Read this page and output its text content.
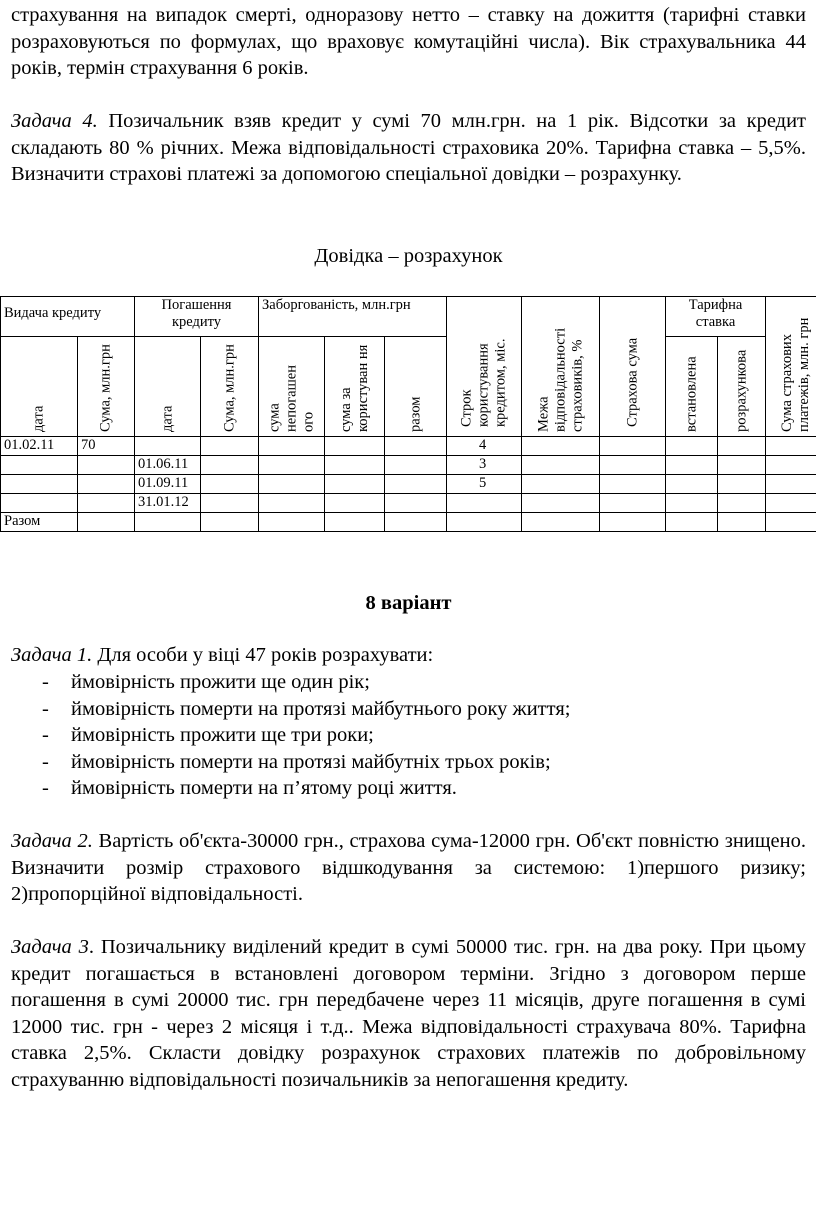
страхування на випадок смерті, одноразову нетто – ставку на дожиття (тарифні ставки розраховуються по формулах, що враховує комутаційні числа). Вік страхувальника 44 років, термін страхування 6 років.

Задача 4. Позичальник взяв кредит у сумі 70 млн.грн. на 1 рік. Відсотки за кредит складають 80 % річних. Межа відповідальності страховика 20%. Тарифна ставка – 5,5%. Визначити страхові платежі за допомогою спеціальної довідки – розрахунку.

Довідка – розрахунок

Видача кредиту		Погашення кредиту		Заборгованість, млн.грн			Строк користування кредитом, міс.	Межа відповідальності страховиків, %	Страхова сума	Тарифна ставка		Сума страхових платежів, млн. грн

дата	Сума, млн.грн	дата	Сума, млн.грн	сума непогашен ого	сума за користуван ня	разом				встановлена	розрахункова	

01.02.11	70						4					
		01.06.11					3					
		01.09.11					5					
		31.01.12										
Разом												

8 варіант

Задача 1. Для особи у віці 47 років розрахувати:

- ймовірність прожити ще один рік;
- ймовірність померти на протязі майбутнього року життя;
- ймовірність прожити ще три роки;
- ймовірність померти на протязі майбутніх трьох років;
- ймовірність померти на п’ятому році життя.

Задача 2. Вартість об'єкта-30000 грн., страхова сума-12000 грн. Об'єкт повністю знищено. Визначити розмір страхового відшкодування за системою: 1)першого ризику; 2)пропорційної відповідальності.

Задача 3. Позичальнику виділений кредит в сумі 50000 тис. грн. на два року. При цьому кредит погашається в встановлені договором терміни. Згідно з договором перше погашення в сумі 20000 тис. грн передбачене через 11 місяців, друге погашення в сумі 12000 тис. грн - через 2 місяця і т.д.. Межа відповідальності страхувача 80%. Тарифна ставка 2,5%. Скласти довідку розрахунок страхових платежів по добровільному страхуванню відповідальності позичальників за непогашення кредиту.
